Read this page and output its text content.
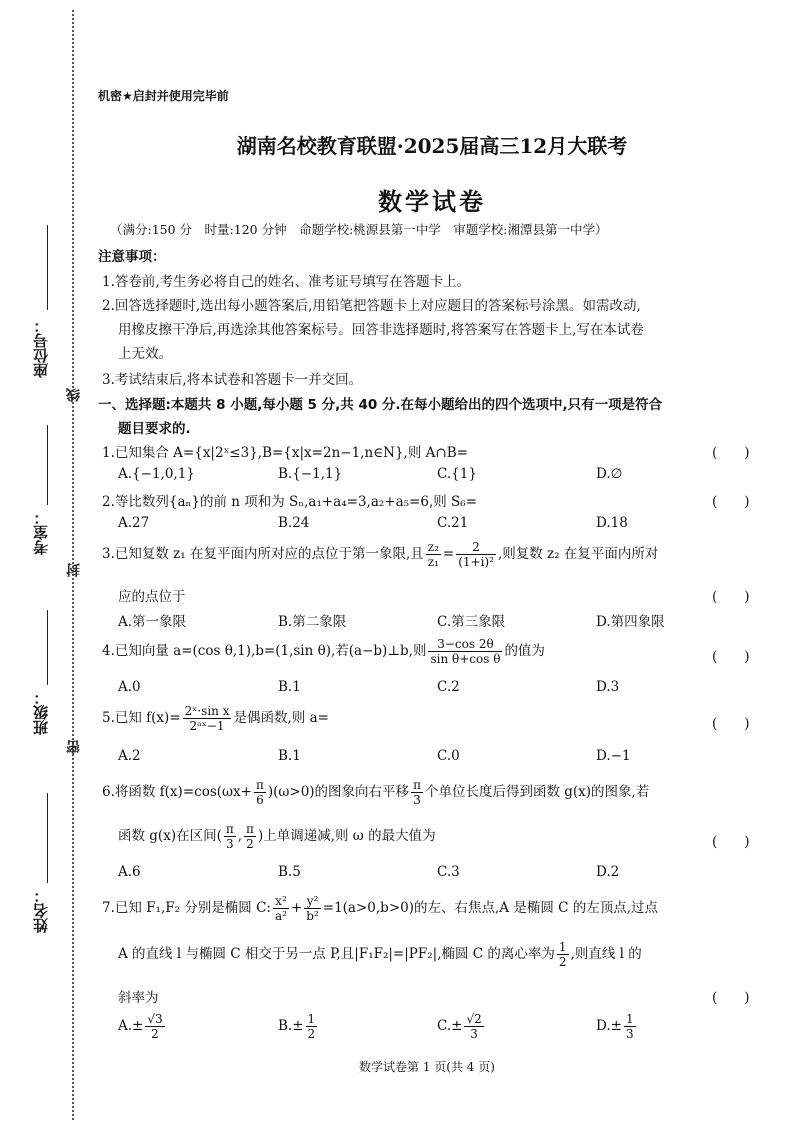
线
封
密
座位号：
考室：
班级：
姓名：
机密★启封并使用完毕前
湖南名校教育联盟·2025届高三12月大联考
数学试卷
（满分:150 分　时量:120 分钟　命题学校:桃源县第一中学　审题学校:湘潭县第一中学）
注意事项：
1.答卷前,考生务必将自己的姓名、准考证号填写在答题卡上。
2.回答选择题时,选出每小题答案后,用铅笔把答题卡上对应题目的答案标号涂黑。如需改动,
用橡皮擦干净后,再选涂其他答案标号。回答非选择题时,将答案写在答题卡上,写在本试卷
上无效。
3.考试结束后,将本试卷和答题卡一并交回。
一、选择题:本题共 8 小题,每小题 5 分,共 40 分.在每小题给出的四个选项中,只有一项是符合
题目要求的.
1.已知集合 A={x|2ˣ≤3},B={x|x=2n−1,n∈N},则 A∩B=	(　　)
A.{−1,0,1}	B.{−1,1}	C.{1}	D.∅
2.等比数列{aₙ}的前 n 项和为 Sₙ,a₁+a₄=3,a₂+a₅=6,则 S₆=	(　　)
A.27	B.24	C.21	D.18
3.已知复数 z₁ 在复平面内所对应的点位于第一象限,且 $\frac{\text{z₂}}{\text{z₁}} = \frac{2}{\text{(1+i)²}}$ ,则复数 z₂ 在复平面内所对
应的点位于	(　　)
A.第一象限	B.第二象限	C.第三象限	D.第四象限
4.已知向量 a=(cos θ,1),b=(1,sin θ),若(a−b)⊥b,则 $\frac{3-\cos 2\theta}{\text{sin θ+cos θ}}$ 的值为	(　　)
A.0	B.1	C.2	D.3
5.已知 $f(x)= \frac{\text{2ˣ·sin x}}{\text{2ᵃˣ−1}}$ 是偶函数,则 a=	(　　)
A.2	B.1	C.0	D.−1
6.将函数 $f(x)=\cos(\omega x+ \frac{\pi}{6} )(\omega>0)$的图象向右平移 $\frac{\pi}{3}$ 个单位长度后得到函数 g(x)的图象,若
函数 g(x)在区间( $\frac{\pi}{3}$ , $\frac{\pi}{2}$ )上单调递减,则 ω 的最大值为	(　　)
A.6	B.5	C.3	D.2
7.已知 F₁,F₂ 分别是椭圆 C: $\frac{\text{x²}}{\text{a²}} + \frac{\text{y²}}{\text{b²}} =1(a>0,b>0)$的左、右焦点,A 是椭圆 C 的左顶点,过点
A 的直线 l 与椭圆 C 相交于另一点 P,且|F₁F₂|=|PF₂|,椭圆 C 的离心率为 $\frac{1}{2}$ ,则直线 l 的
斜率为	(　　)
$A.\pm \frac{√3}{2}$	$B.\pm \frac{1}{2}$	$C.\pm \frac{√2}{3}$	$D.\pm \frac{1}{3}$
数学试卷第 1 页(共 4 页)
